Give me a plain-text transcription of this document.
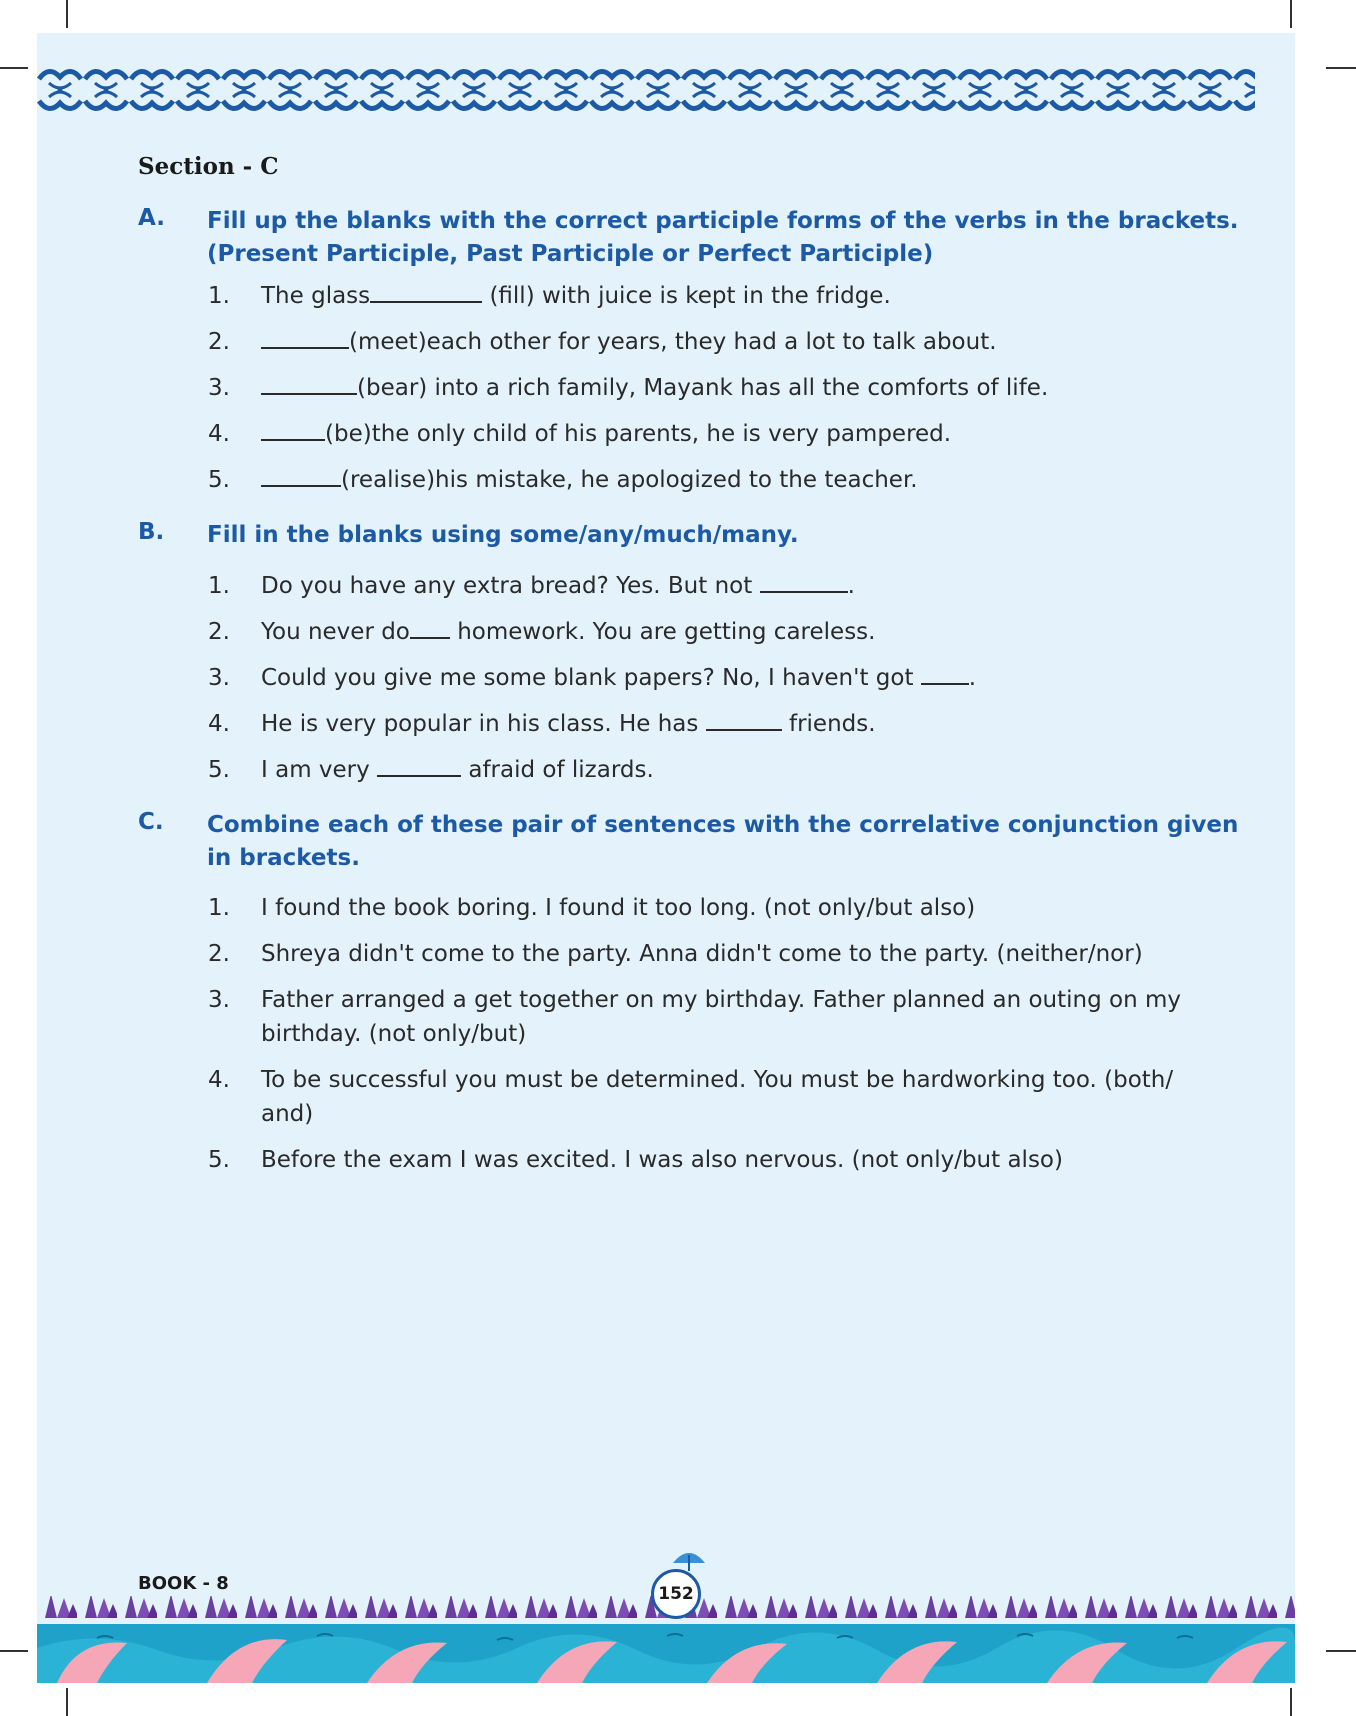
Section - C
A. Fill up the blanks with the correct participle forms of the verbs in the brackets. (Present Participle, Past Participle or Perfect Participle)
1.	The glass	(fill) with juice is kept in the fridge.
2.	(meet)each other for years, they had a lot to talk about.
3.	(bear) into a rich family, Mayank has all the comforts of life.
4.	(be)the only child of his parents, he is very pampered.
5.	(realise)his mistake, he apologized to the teacher.
B. Fill in the blanks using some/any/much/many.
1.	Do you have any extra bread? Yes. But not	.
2.	You never do homework. You are getting careless.
3.	Could you give me some blank papers? No, I haven't got .
4.	He is very popular in his class. He has	friends.
5.	I am very	afraid of lizards.
C. Combine each of these pair of sentences with the correlative conjunction given in brackets.
1.	I found the book boring. I found it too long. (not only/but also)
2.	Shreya didn't come to the party. Anna didn't come to the party. (neither/nor)
3.	Father arranged a get together on my birthday. Father planned an outing on my birthday. (not only/but)
4.	To be successful you must be determined. You must be hardworking too. (both/ and)
5.	Before the exam I was excited. I was also nervous. (not only/but also)
BOOK - 8	152
